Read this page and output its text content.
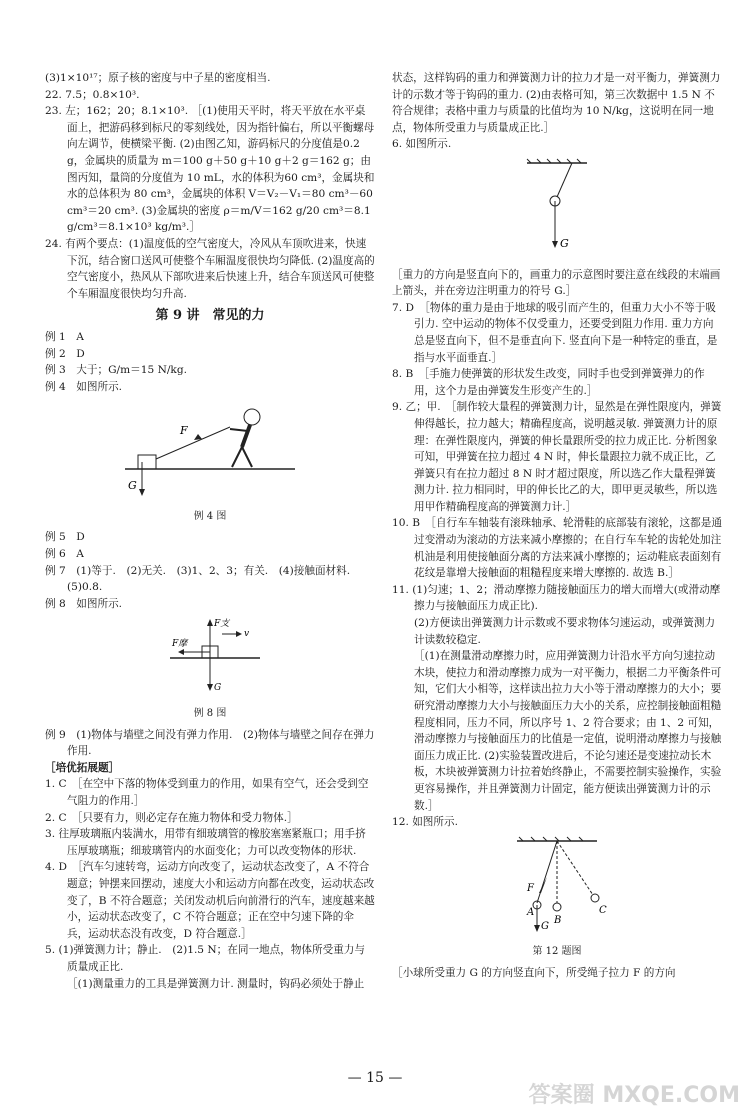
(3)1×10¹⁷；原子核的密度与中子星的密度相当.

22. 7.5；0.8×10³.

23. 左；162；20；8.1×10³. ［(1)使用天平时，将天平放在水平桌面上，把游码移到标尺的零刻线处，因为指针偏右，所以平衡螺母向左调节，使横梁平衡. (2)由图乙知，游码标尺的分度值是0.2 g，金属块的质量为 m＝100 g＋50 g＋10 g＋2 g＝162 g；由图丙知，量筒的分度值为 10 mL，水的体积为60 cm³，金属块和水的总体积为 80 cm³，金属块的体积 V＝V₂－V₁＝80 cm³－60 cm³＝20 cm³. (3)金属块的密度 ρ＝m/V＝162 g/20 cm³＝8.1 g/cm³＝8.1×10³ kg/m³.］

24. 有两个要点：(1)温度低的空气密度大，冷风从车顶吹进来，快速下沉，结合窗口送风可使整个车厢温度很快均匀降低. (2)温度高的空气密度小，热风从下部吹进来后快速上升，结合车顶送风可使整个车厢温度很快均匀升高.

第 9 讲　常见的力

例 1　A

例 2　D

例 3　大于；G/m＝15 N/kg.

例 4　如图所示.

F
G
例 4 图

例 5　D

例 6　A

例 7　(1)等于.　(2)无关.　(3)1、2、3；有关.　(4)接触面材料.　(5)0.8.

例 8　如图所示.

F支
v
F摩
G
例 8 图

例 9　(1)物体与墙壁之间没有弹力作用.　(2)物体与墙壁之间存在弹力作用.

［培优拓展题］

1. C　［在空中下落的物体受到重力的作用，如果有空气，还会受到空气阻力的作用.］

2. C　［只要有力，则必定存在施力物体和受力物体.］

3. 往厚玻璃瓶内装满水，用带有细玻璃管的橡胶塞塞紧瓶口；用手挤压厚玻璃瓶；细玻璃管内的水面变化；力可以改变物体的形状.

4. D　［汽车匀速转弯，运动方向改变了，运动状态改变了，A 不符合题意；钟摆来回摆动，速度大小和运动方向都在改变，运动状态改变了，B 不符合题意；关闭发动机后向前滑行的汽车，速度越来越小，运动状态改变了，C 不符合题意；正在空中匀速下降的伞兵，运动状态没有改变，D 符合题意.］

5. (1)弹簧测力计；静止.　(2)1.5 N；在同一地点，物体所受重力与质量成正比.

［(1)测量重力的工具是弹簧测力计. 测量时，钩码必须处于静止

状态，这样钩码的重力和弹簧测力计的拉力才是一对平衡力，弹簧测力计的示数才等于钩码的重力. (2)由表格可知，第三次数据中 1.5 N 不符合规律；表格中重力与质量的比值均为 10 N/kg，这说明在同一地点，物体所受重力与质量成正比.］

6. 如图所示.

G

［重力的方向是竖直向下的，画重力的示意图时要注意在线段的末端画上箭头，并在旁边注明重力的符号 G.］

7. D　［物体的重力是由于地球的吸引而产生的，但重力大小不等于吸引力. 空中运动的物体不仅受重力，还要受到阻力作用. 重力方向总是竖直向下，但不是垂直向下. 竖直向下是一种特定的垂直，是指与水平面垂直.］

8. B　［手施力使弹簧的形状发生改变，同时手也受到弹簧弹力的作用，这个力是由弹簧发生形变产生的.］

9. 乙；甲.　［制作较大量程的弹簧测力计，显然是在弹性限度内，弹簧伸得越长，拉力越大；精确程度高，说明越灵敏. 弹簧测力计的原理：在弹性限度内，弹簧的伸长量跟所受的拉力成正比. 分析图象可知，甲弹簧在拉力超过 4 N 时，伸长量跟拉力就不成正比，乙弹簧只有在拉力超过 8 N 时才超过限度，所以选乙作大量程弹簧测力计. 拉力相同时，甲的伸长比乙的大，即甲更灵敏些，所以选用甲作精确程度高的弹簧测力计.］

10. B　［自行车车轴装有滚珠轴承、轮滑鞋的底部装有滚轮，这都是通过变滑动为滚动的方法来减小摩擦的；在自行车车轮的齿轮处加注机油是利用使接触面分离的方法来减小摩擦的；运动鞋底表面刻有花纹是靠增大接触面的粗糙程度来增大摩擦的. 故选 B.］

11. (1)匀速；1、2；滑动摩擦力随接触面压力的增大而增大(或滑动摩擦力与接触面压力成正比).

(2)方便读出弹簧测力计示数或不要求物体匀速运动，或弹簧测力计读数较稳定.

［(1)在测量滑动摩擦力时，应用弹簧测力计沿水平方向匀速拉动木块，使拉力和滑动摩擦力成为一对平衡力，根据二力平衡条件可知，它们大小相等，这样读出拉力大小等于滑动摩擦力的大小；要研究滑动摩擦力大小与接触面压力大小的关系，应控制接触面粗糙程度相同，压力不同，所以序号 1、2 符合要求；由 1、2 可知，滑动摩擦力与接触面压力的比值是一定值，说明滑动摩擦力与接触面压力成正比. (2)实验装置改进后，不论匀速还是变速拉动长木板，木块被弹簧测力计拉着始终静止，不需要控制实验操作，实验更容易操作，并且弹簧测力计固定，能方便读出弹簧测力计的示数.］

12. 如图所示.

F
G
A
B
C
第 12 题图

［小球所受重力 G 的方向竖直向下，所受绳子拉力 F 的方向

— 15 —
答案圈 MXQE.COM
